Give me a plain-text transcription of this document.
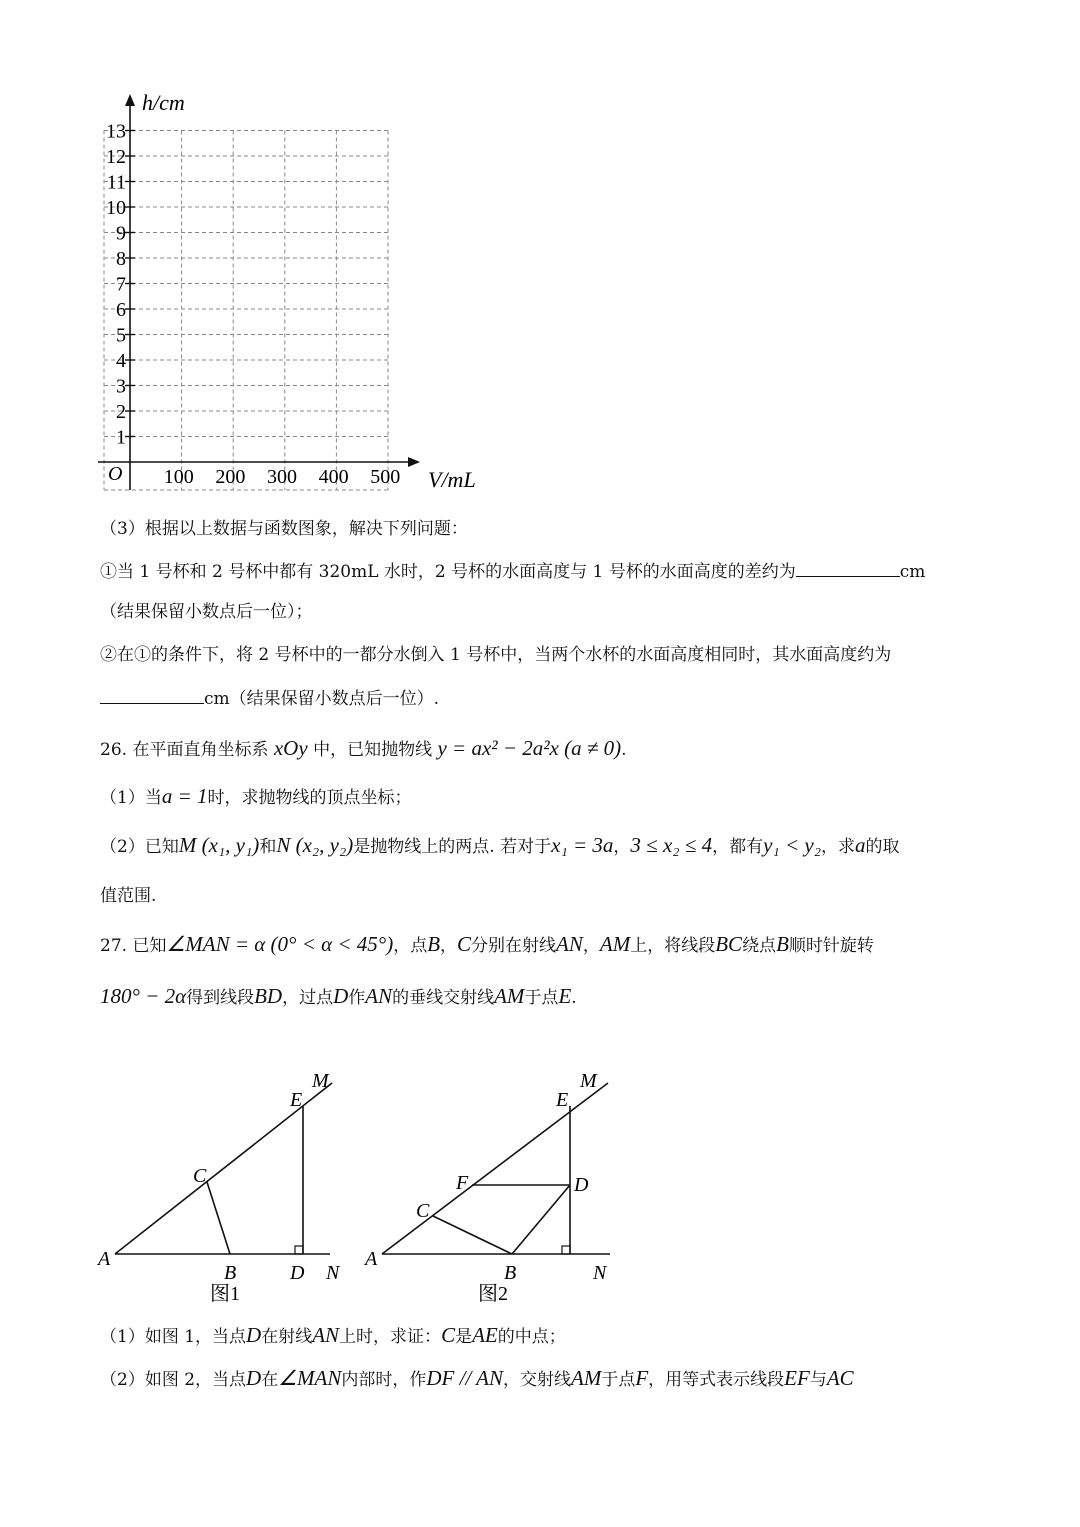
h/cm
V/mL
O
1
2
3
4
5
6
7
8
9
10
11
12
13
100 200 300 400 500
（3）根据以上数据与函数图象，解决下列问题：
①当 1 号杯和 2 号杯中都有 320mL 水时，2 号杯的水面高度与 1 号杯的水面高度的差约为	cm
（结果保留小数点后一位）；
②在①的条件下，将 2 号杯中的一都分水倒入 1 号杯中，当两个水杯的水面高度相同时，其水面高度约为
cm（结果保留小数点后一位）.
26. 在平面直角坐标系 xOy 中，已知抛物线 y = ax² − 2a²x (a ≠ 0).
（1）当a = 1时，求抛物线的顶点坐标；
（2）已知M (x₁, y₁)和N (x₂, y₂)是抛物线上的两点. 若对于x₁ = 3a，3 ≤ x₂ ≤ 4，都有y₁ < y₂，求a的取
值范围.
27. 已知∠MAN = α (0° < α < 45°)，点B，C分别在射线AN，AM上，将线段BC绕点B顺时针旋转
180° − 2α得到线段BD，过点D作AN的垂线交射线AM于点E.
A
B
C
D
E
M
N
图1
A
B
C
D
E
F
M
N
图2
（1）如图 1，当点D在射线AN上时，求证：C是AE的中点；
（2）如图 2，当点D在∠MAN内部时，作DF // AN，交射线AM于点F，用等式表示线段EF与AC
